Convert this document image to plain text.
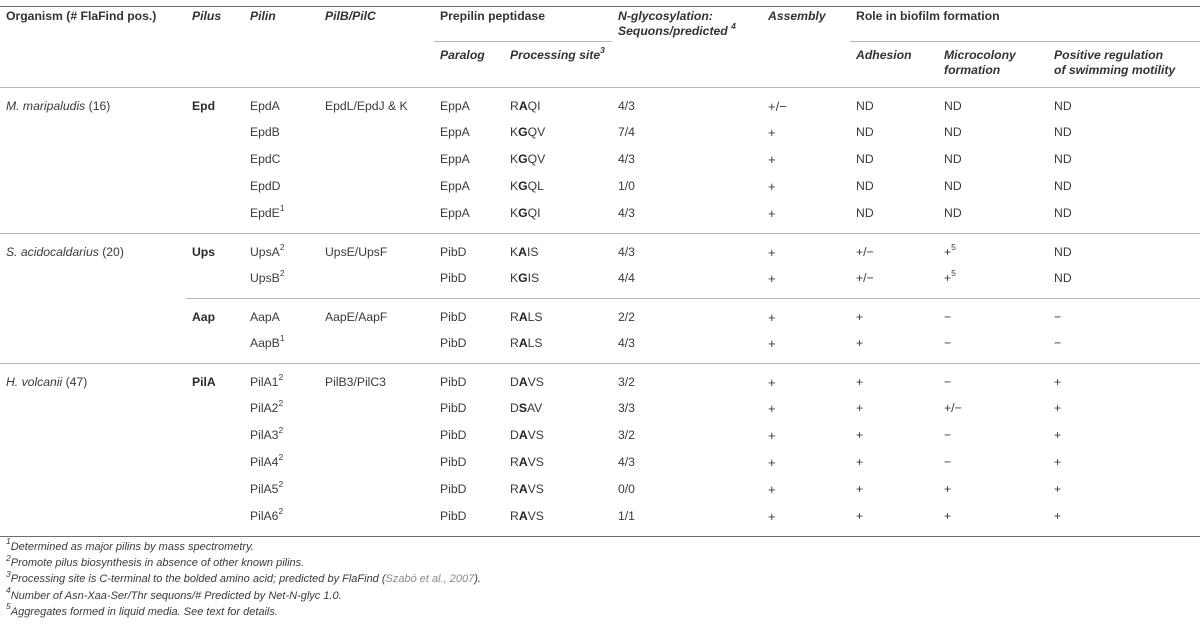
Organism (# FlaFind pos.)	Pilus	Pilin	PilB/PilC	Prepilin peptidase		N-glycosylation:
Sequons/predicted $^4$	Assembly	Role in biofilm formation		
				Paralog	Processing site$^3$			Adhesion	Microcolony
formation	Positive regulation
of swimming motility
M. maripaludis (16)	Epd	EpdA	EpdL/EpdJ & K	EppA	RAQI	4/3	+/−	ND	ND	ND
		EpdB		EppA	KGQV	7/4	+	ND	ND	ND
		EpdC		EppA	KGQV	4/3	+	ND	ND	ND
		EpdD		EppA	KGQL	1/0	+	ND	ND	ND
		EpdE$^1$		EppA	KGQI	4/3	+	ND	ND	ND
S. acidocaldarius (20)	Ups	UpsA$^2$	UpsE/UpsF	PibD	KAIS	4/3	+	+/−	+$^5$	ND
		UpsB$^2$		PibD	KGIS	4/4	+	+/−	+$^5$	ND
	Aap	AapA	AapE/AapF	PibD	RALS	2/2	+	+	−	−
		AapB$^1$		PibD	RALS	4/3	+	+	−	−
H. volcanii (47)	PilA	$PilA1^2$	PilB3/PilC3	PibD	DAVS	3/2	+	+	−	+
		$PilA2^2$		PibD	DSAV	3/3	+	+	+/−	+
		$PilA3^2$		PibD	DAVS	3/2	+	+	−	+
		$PilA4^2$		PibD	RAVS	4/3	+	+	−	+
		$PilA5^2$		PibD	RAVS	0/0	+	+	+	+
		$PilA6^2$		PibD	RAVS	1/1	+	+	+	+
$^1$Determined as major pilins by mass spectrometry.
$^2$Promote pilus biosynthesis in absence of other known pilins.
$^3$Processing site is C-terminal to the bolded amino acid; predicted by FlaFind (Szabó et al., 2007).
$^4$Number of Asn-Xaa-Ser/Thr sequons/# Predicted by Net-N-glyc 1.0.
$^5$Aggregates formed in liquid media. See text for details.
